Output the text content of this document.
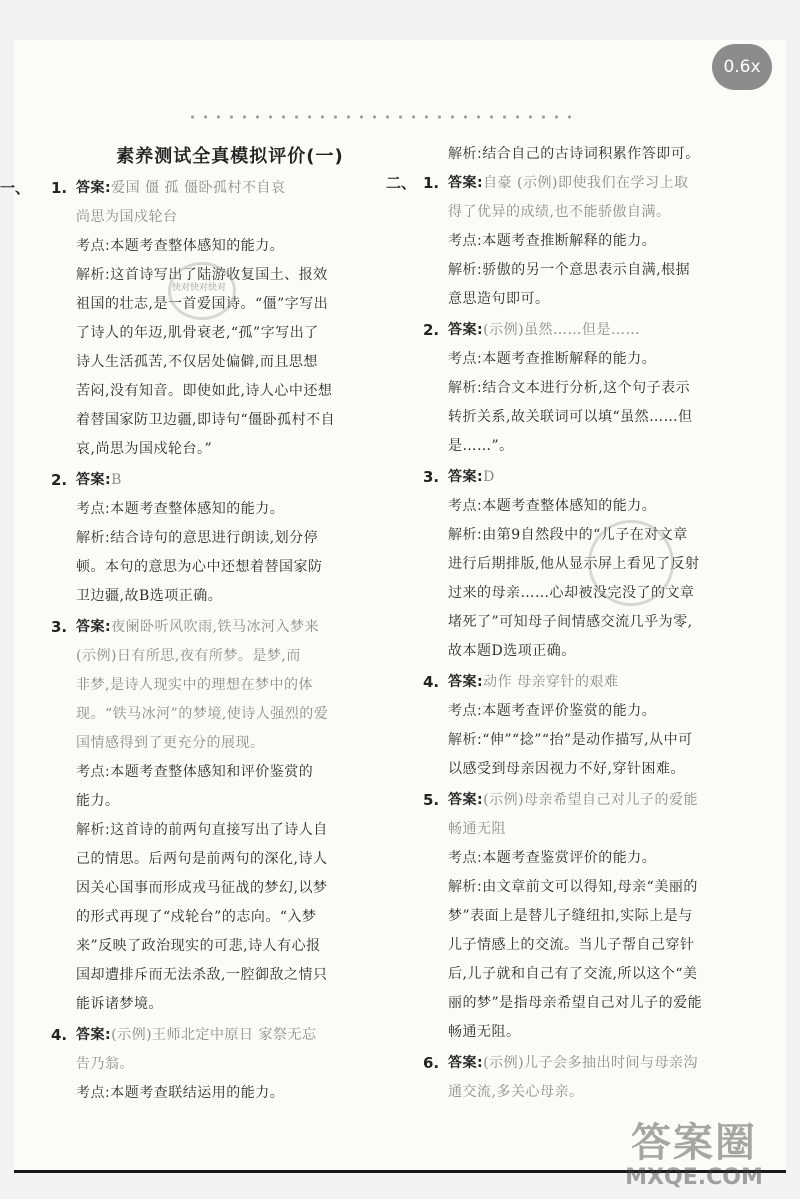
0.6x
快对快对快对
素养测试全真模拟评价(一)
一、 1. 答案:爱国 僵 孤 僵卧孤村不自哀
尚思为国戍轮台
考点:本题考查整体感知的能力。
解析:这首诗写出了陆游收复国土、报效
祖国的壮志,是一首爱国诗。“僵”字写出
了诗人的年迈,肌骨衰老,“孤”字写出了
诗人生活孤苦,不仅居处偏僻,而且思想
苦闷,没有知音。即使如此,诗人心中还想
着替国家防卫边疆,即诗句“僵卧孤村不自
哀,尚思为国戍轮台。”
2. 答案:B
考点:本题考查整体感知的能力。
解析:结合诗句的意思进行朗读,划分停
顿。本句的意思为心中还想着替国家防
卫边疆,故B选项正确。
3. 答案:夜阑卧听风吹雨,铁马冰河入梦来
(示例)日有所思,夜有所梦。是梦,而
非梦,是诗人现实中的理想在梦中的体
现。“铁马冰河”的梦境,使诗人强烈的爱
国情感得到了更充分的展现。
考点:本题考查整体感知和评价鉴赏的
能力。
解析:这首诗的前两句直接写出了诗人自
己的情思。后两句是前两句的深化,诗人
因关心国事而形成戎马征战的梦幻,以梦
的形式再现了“戍轮台”的志向。“入梦
来”反映了政治现实的可悲,诗人有心报
国却遭排斥而无法杀敌,一腔御敌之情只
能诉诸梦境。
4. 答案:(示例)王师北定中原日 家祭无忘
告乃翁。
考点:本题考查联结运用的能力。
解析:结合自己的古诗词积累作答即可。
二、 1. 答案:自豪 (示例)即使我们在学习上取
得了优异的成绩,也不能骄傲自满。
考点:本题考查推断解释的能力。
解析:骄傲的另一个意思表示自满,根据
意思造句即可。
2. 答案:(示例)虽然……但是……
考点:本题考查推断解释的能力。
解析:结合文本进行分析,这个句子表示
转折关系,故关联词可以填“虽然……但
是……”。
3. 答案:D
考点:本题考查整体感知的能力。
解析:由第9自然段中的“儿子在对文章
进行后期排版,他从显示屏上看见了反射
过来的母亲……心却被没完没了的文章
堵死了”可知母子间情感交流几乎为零,
故本题D选项正确。
4. 答案:动作 母亲穿针的艰难
考点:本题考查评价鉴赏的能力。
解析:“伸”“捻”“抬”是动作描写,从中可
以感受到母亲因视力不好,穿针困难。
5. 答案:(示例)母亲希望自己对儿子的爱能
畅通无阻
考点:本题考查鉴赏评价的能力。
解析:由文章前文可以得知,母亲“美丽的
梦”表面上是替儿子缝纽扣,实际上是与
儿子情感上的交流。当儿子帮自己穿针
后,儿子就和自己有了交流,所以这个“美
丽的梦”是指母亲希望自己对儿子的爱能
畅通无阻。
6. 答案:(示例)儿子会多抽出时间与母亲沟
通交流,多关心母亲。
答案圈
MXQE.COM
